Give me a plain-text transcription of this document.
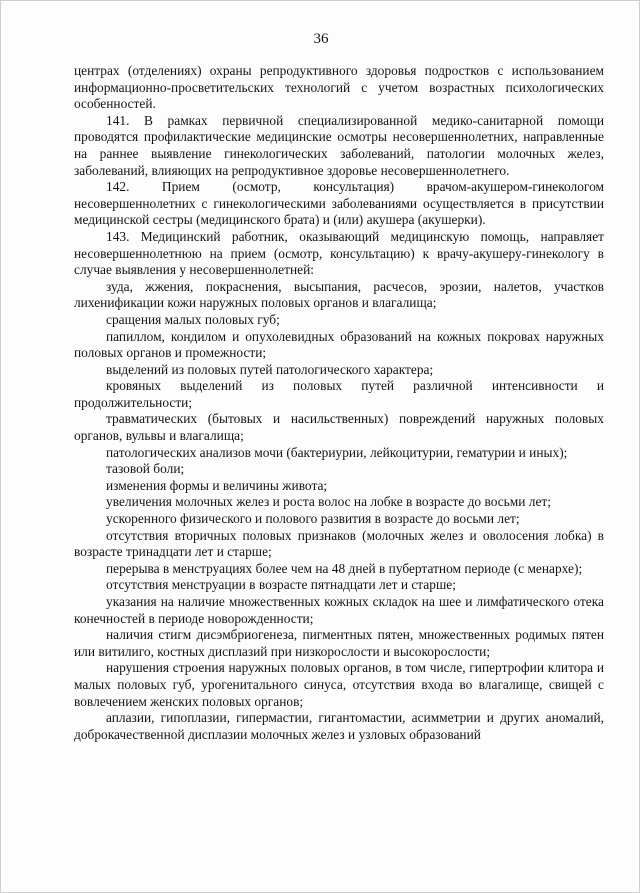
36

центрах (отделениях) охраны репродуктивного здоровья подростков с использованием информационно-просветительских технологий с учетом возрастных психологических особенностей.

141. В рамках первичной специализированной медико-санитарной помощи проводятся профилактические медицинские осмотры несовершеннолетних, направленные на раннее выявление гинекологических заболеваний, патологии молочных желез, заболеваний, влияющих на репродуктивное здоровье несовершеннолетнего.

142. Прием (осмотр, консультация) врачом-акушером-гинекологом несовершеннолетних с гинекологическими заболеваниями осуществляется в присутствии медицинской сестры (медицинского брата) и (или) акушера (акушерки).

143. Медицинский работник, оказывающий медицинскую помощь, направляет несовершеннолетнюю на прием (осмотр, консультацию) к врачу-акушеру-гинекологу в случае выявления у несовершеннолетней:

зуда, жжения, покраснения, высыпания, расчесов, эрозии, налетов, участков лихенификации кожи наружных половых органов и влагалища;

сращения малых половых губ;

папиллом, кондилом и опухолевидных образований на кожных покровах наружных половых органов и промежности;

выделений из половых путей патологического характера;

кровяных выделений из половых путей различной интенсивности и продолжительности;

травматических (бытовых и насильственных) повреждений наружных половых органов, вульвы и влагалища;

патологических анализов мочи (бактериурии, лейкоцитурии, гематурии и иных);

тазовой боли;

изменения формы и величины живота;

увеличения молочных желез и роста волос на лобке в возрасте до восьми лет;

ускоренного физического и полового развития в возрасте до восьми лет;

отсутствия вторичных половых признаков (молочных желез и оволосения лобка) в возрасте тринадцати лет и старше;

перерыва в менструациях более чем на 48 дней в пубертатном периоде (с менархе);

отсутствия менструации в возрасте пятнадцати лет и старше;

указания на наличие множественных кожных складок на шее и лимфатического отека конечностей в периоде новорожденности;

наличия стигм дисэмбриогенеза, пигментных пятен, множественных родимых пятен или витилиго, костных дисплазий при низкорослости и высокорослости;

нарушения строения наружных половых органов, в том числе, гипертрофии клитора и малых половых губ, урогенитального синуса, отсутствия входа во влагалище, свищей с вовлечением женских половых органов;

аплазии, гипоплазии, гипермастии, гигантомастии, асимметрии и других аномалий, доброкачественной дисплазии молочных желез и узловых образований
